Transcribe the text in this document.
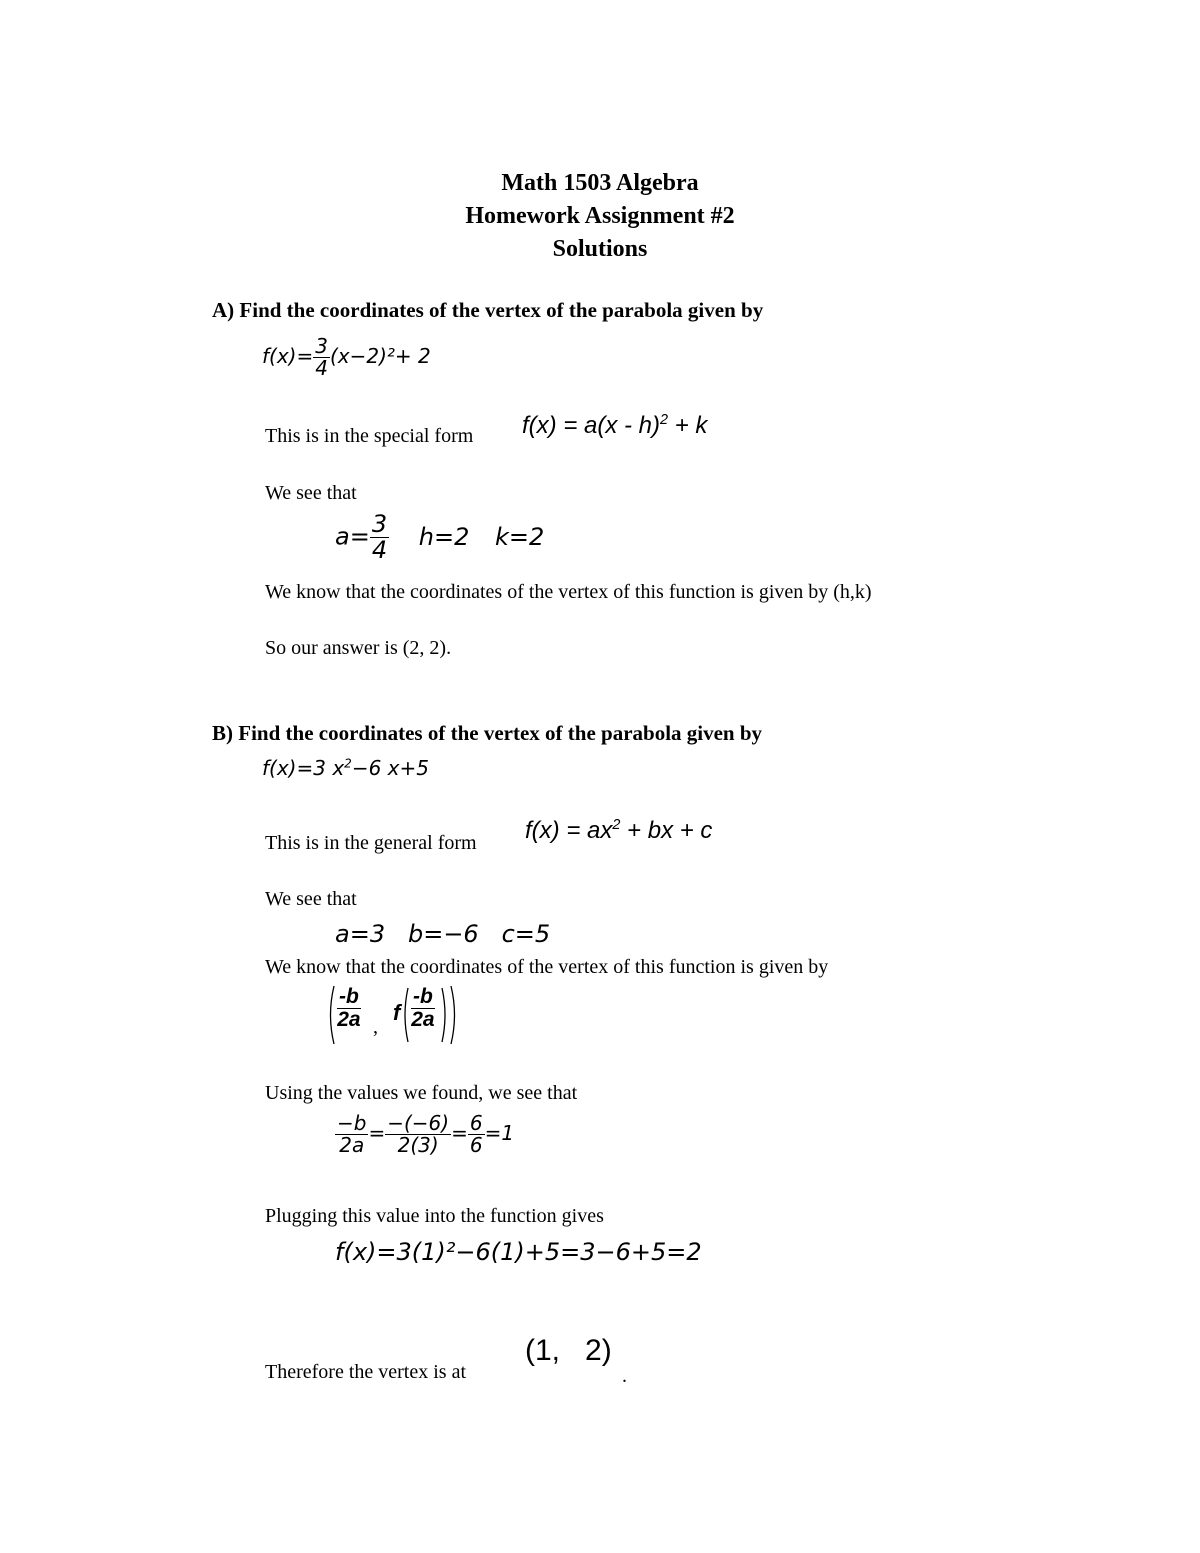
Math 1503 Algebra
Homework Assignment #2
Solutions
A) Find the coordinates of the vertex of the parabola given by
$f(x)= \frac{3}{4} (x-2)^2+ 2$
This is in the special form f(x) = a(x - h)$^2$ + k
We see that
$a= \frac{3}{4} h=2$ k=2
We know that the coordinates of the vertex of this function is given by (h,k)
So our answer is (2, 2).
B) Find the coordinates of the vertex of the parabola given by
f(x)=3 $x^2-6$ x+5
This is in the general form $f(x) = ax^2$ + bx + c
We see that
a=3   b=−6   c=5
We know that the coordinates of the vertex of this function is given by
$\frac{-b}{2a}$ ,
f $\frac{-b}{2a}$
Using the values we found, we see that
$\frac{-b}{2a} = \frac{-(-6)}{2(3)} = \frac{6}{6} =1$
Plugging this value into the function gives
f(x)=3(1)²−6(1)+5=3−6+5=2
Therefore the vertex is at
(1,   2)
.
